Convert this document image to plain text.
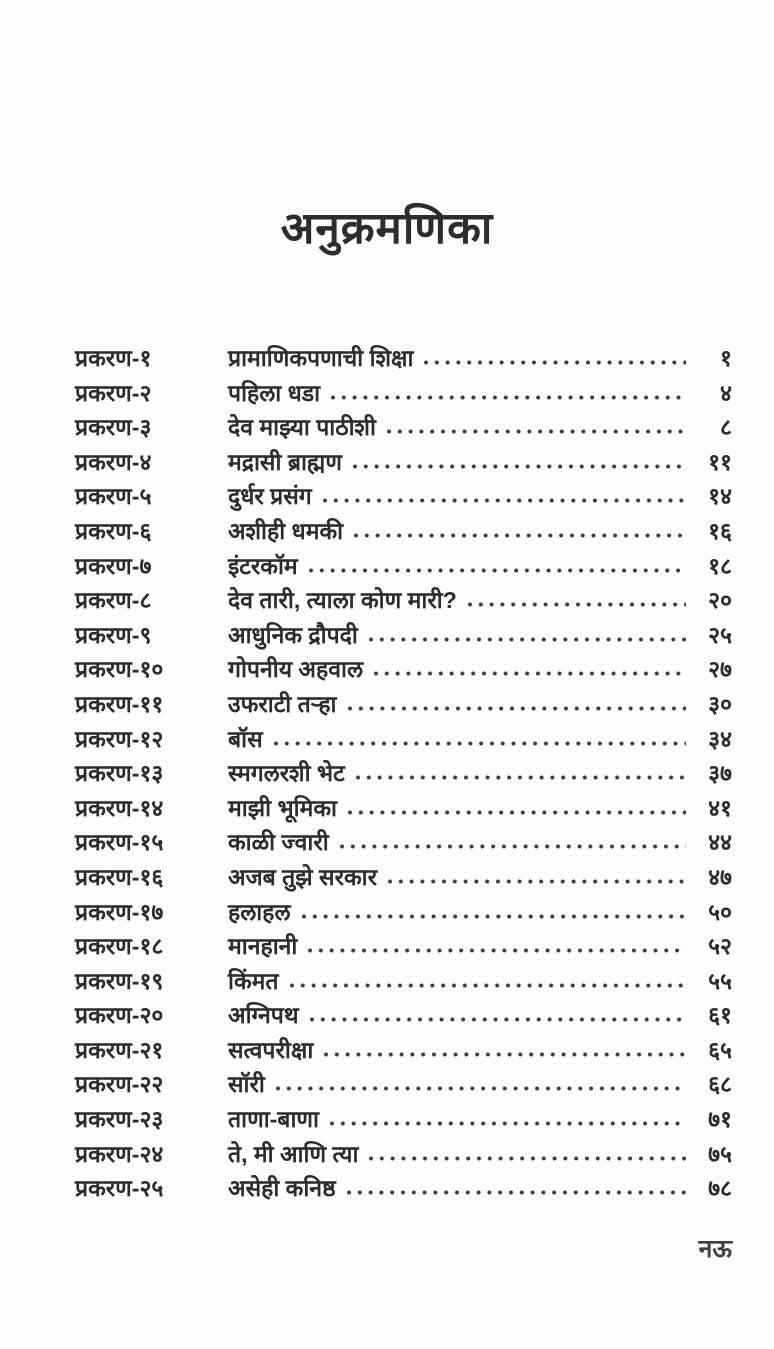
अनुक्रमणिका
प्रकरण-१	प्रामाणिकपणाची शिक्षा	१
प्रकरण-२	पहिला धडा	४
प्रकरण-३	देव माझ्या पाठीशी	८
प्रकरण-४	मद्रासी ब्राह्मण	११
प्रकरण-५	दुर्धर प्रसंग	१४
प्रकरण-६	अशीही धमकी	१६
प्रकरण-७	इंटरकॉम	१८
प्रकरण-८	देव तारी, त्याला कोण मारी?	२०
प्रकरण-९	आधुनिक द्रौपदी	२५
प्रकरण-१०	गोपनीय अहवाल	२७
प्रकरण-११	उफराटी तऱ्हा	३०
प्रकरण-१२	बॉस	३४
प्रकरण-१३	स्मगलरशी भेट	३७
प्रकरण-१४	माझी भूमिका	४१
प्रकरण-१५	काळी ज्वारी	४४
प्रकरण-१६	अजब तुझे सरकार	४७
प्रकरण-१७	हलाहल	५०
प्रकरण-१८	मानहानी	५२
प्रकरण-१९	किंमत	५५
प्रकरण-२०	अग्निपथ	६१
प्रकरण-२१	सत्वपरीक्षा	६५
प्रकरण-२२	सॉरी	६८
प्रकरण-२३	ताणा-बाणा	७१
प्रकरण-२४	ते, मी आणि त्या	७५
प्रकरण-२५	असेही कनिष्ठ	७८
नऊ
